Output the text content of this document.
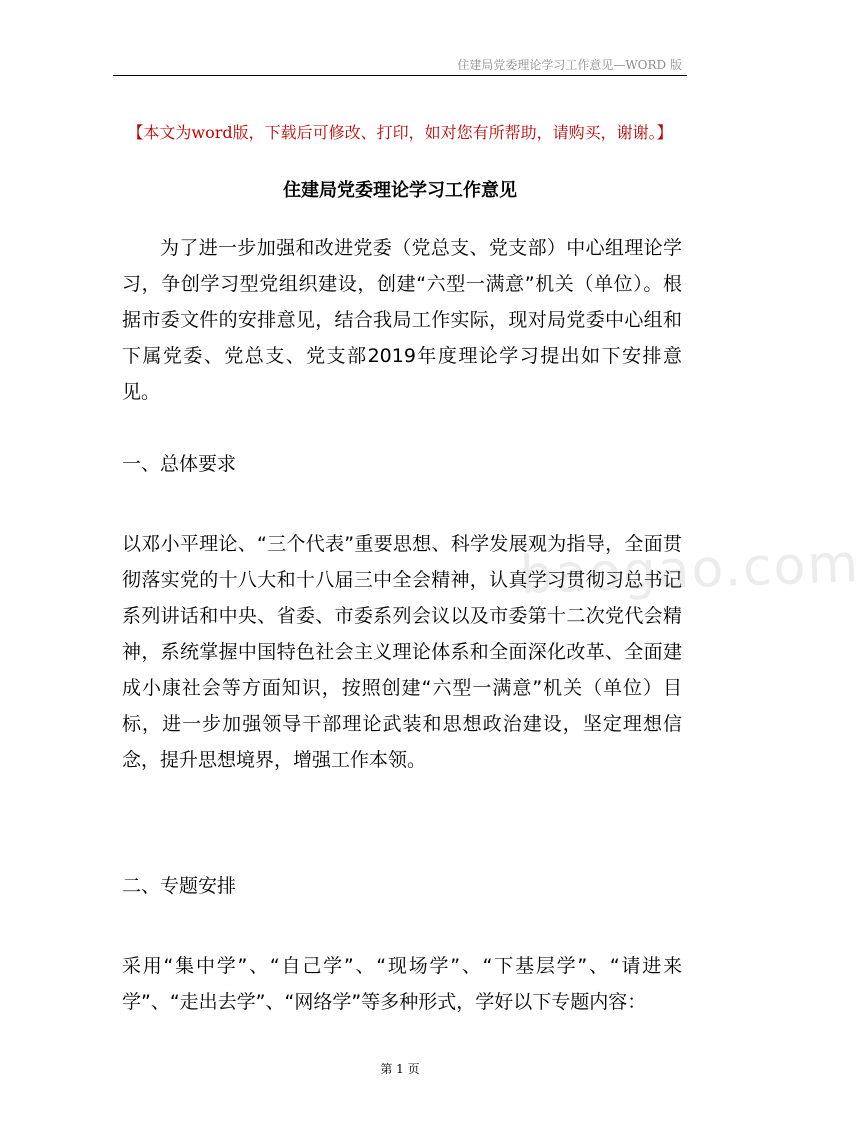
住建局党委理论学习工作意见—WORD 版
baogao.com
【本文为word版，下载后可修改、打印，如对您有所帮助，请购买，谢谢。】
住建局党委理论学习工作意见
为了进一步加强和改进党委（党总支、党支部）中心组理论学习，争创学习型党组织建设，创建“六型一满意”机关（单位）。根据市委文件的安排意见，结合我局工作实际，现对局党委中心组和下属党委、党总支、党支部2019年度理论学习提出如下安排意见。
一、总体要求
以邓小平理论、“三个代表”重要思想、科学发展观为指导，全面贯彻落实党的十八大和十八届三中全会精神，认真学习贯彻习总书记系列讲话和中央、省委、市委系列会议以及市委第十二次党代会精神，系统掌握中国特色社会主义理论体系和全面深化改革、全面建成小康社会等方面知识，按照创建“六型一满意”机关（单位）目标，进一步加强领导干部理论武装和思想政治建设，坚定理想信念，提升思想境界，增强工作本领。
二、专题安排
采用“集中学”、“自己学”、“现场学”、“下基层学”、“请进来学”、“走出去学”、“网络学”等多种形式，学好以下专题内容：
第 1 页
